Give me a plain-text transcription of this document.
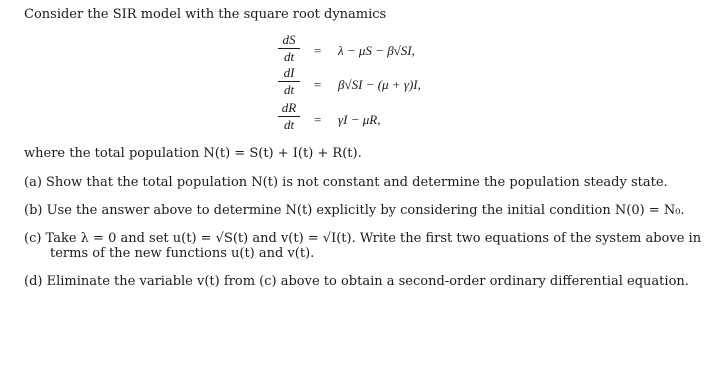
Consider the SIR model with the square root dynamics
dS
dt	= λ − μS − β√SI,
dI
dt	= β√SI − (μ + γ)I,
dR
dt	= γI − μR,
where the total population N(t) = S(t) + I(t) + R(t).
(a) Show that the total population N(t) is not constant and determine the population steady state.
(b) Use the answer above to determine N(t) explicitly by considering the initial condition N(0) = N₀.
(c) Take λ = 0 and set u(t) = √S(t) and v(t) = √I(t). Write the first two equations of the system above in
terms of the new functions u(t) and v(t).
(d) Eliminate the variable v(t) from (c) above to obtain a second-order ordinary differential equation.
